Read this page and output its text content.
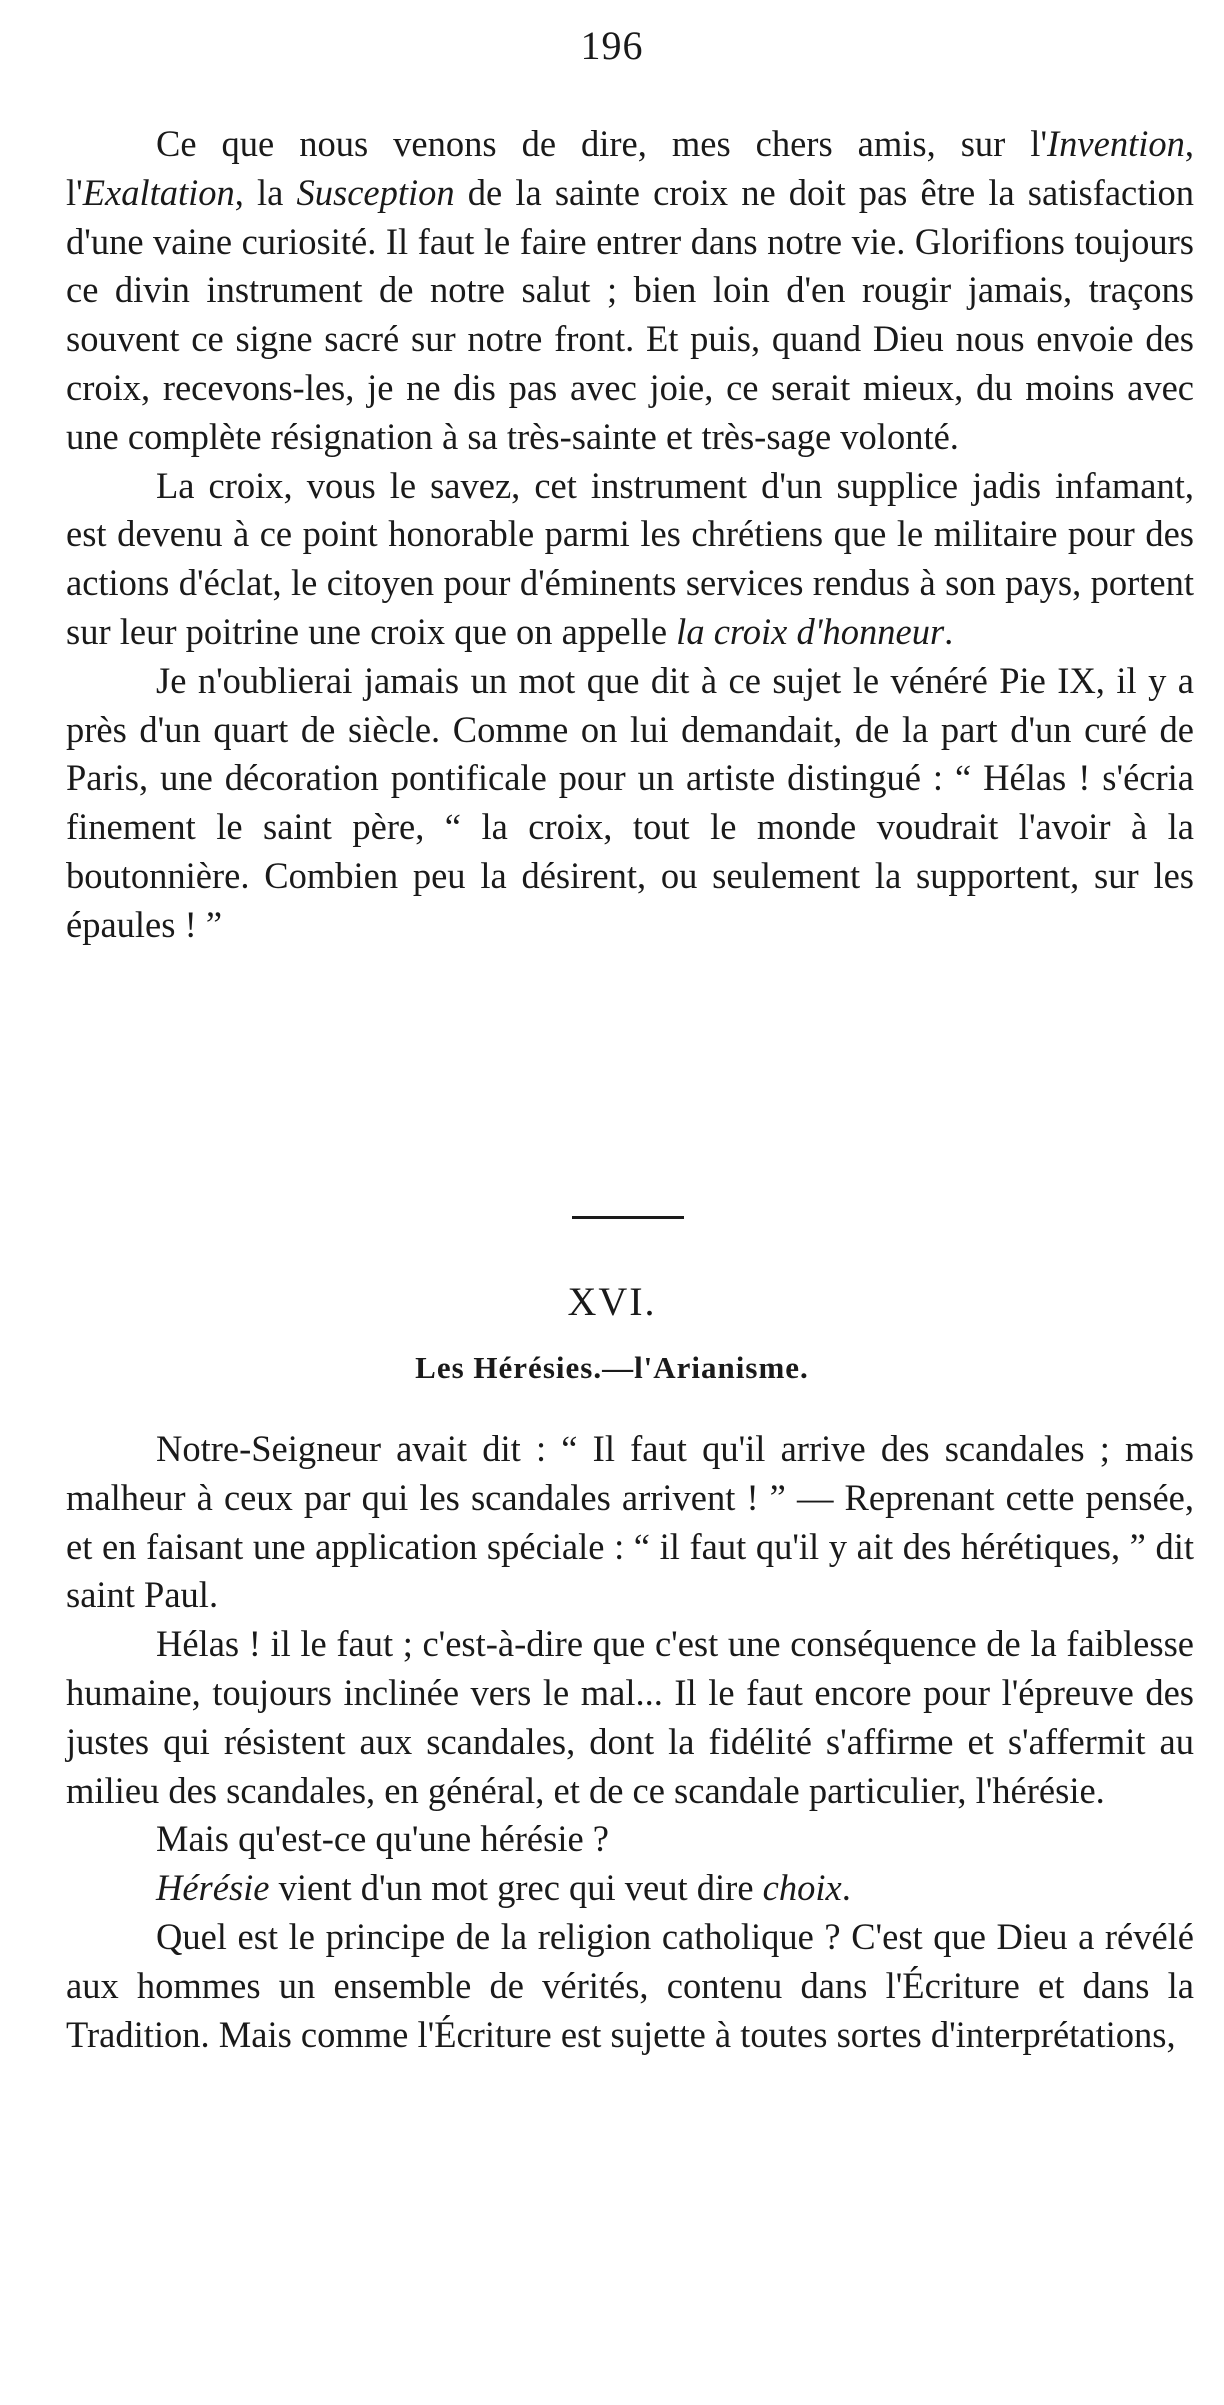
196

Ce que nous venons de dire, mes chers amis, sur l'Invention, l'Exaltation, la Susception de la sainte croix ne doit pas être la satisfaction d'une vaine curiosité. Il faut le faire entrer dans notre vie. Glorifions toujours ce divin instrument de notre salut ; bien loin d'en rougir jamais, traçons souvent ce signe sacré sur notre front. Et puis, quand Dieu nous envoie des croix, recevons-les, je ne dis pas avec joie, ce serait mieux, du moins avec une complète résignation à sa très-sainte et très-sage volonté.

La croix, vous le savez, cet instrument d'un supplice jadis infamant, est devenu à ce point honorable parmi les chrétiens que le militaire pour des actions d'éclat, le citoyen pour d'éminents services rendus à son pays, portent sur leur poitrine une croix que on appelle la croix d'honneur.

Je n'oublierai jamais un mot que dit à ce sujet le vénéré Pie IX, il y a près d'un quart de siècle. Comme on lui demandait, de la part d'un curé de Paris, une décoration pontificale pour un artiste distingué : “ Hélas ! s'écria finement le saint père, “ la croix, tout le monde voudrait l'avoir à la boutonnière. Combien peu la désirent, ou seulement la supportent, sur les épaules ! ”

XVI.
Les Hérésies.—l'Arianisme.

Notre-Seigneur avait dit : “ Il faut qu'il arrive des scandales ; mais malheur à ceux par qui les scandales arrivent ! ” — Reprenant cette pensée, et en faisant une application spéciale : “ il faut qu'il y ait des hérétiques, ” dit saint Paul.

Hélas ! il le faut ; c'est-à-dire que c'est une conséquence de la faiblesse humaine, toujours inclinée vers le mal... Il le faut encore pour l'épreuve des justes qui résistent aux scandales, dont la fidélité s'affirme et s'affermit au milieu des scandales, en général, et de ce scandale particulier, l'hérésie.

Mais qu'est-ce qu'une hérésie ?

Hérésie vient d'un mot grec qui veut dire choix.

Quel est le principe de la religion catholique ? C'est que Dieu a révélé aux hommes un ensemble de vérités, contenu dans l'Écriture et dans la Tradition. Mais comme l'Écriture est sujette à toutes sortes d'interprétations,
